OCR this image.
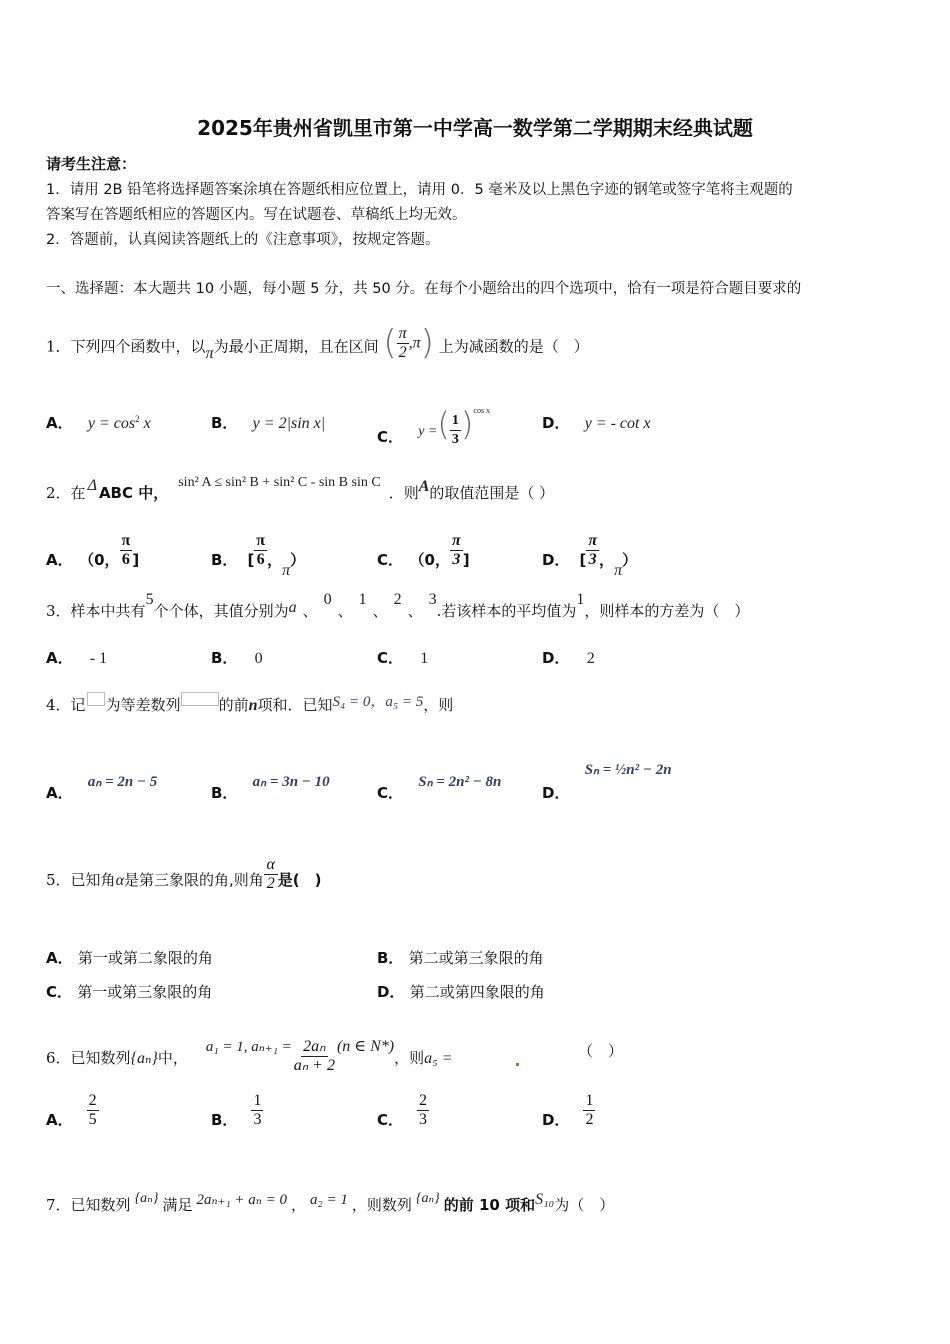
2025年贵州省凯里市第一中学高一数学第二学期期末经典试题
请考生注意：
1．请用 2B 铅笔将选择题答案涂填在答题纸相应位置上，请用 0．5 毫米及以上黑色字迹的钢笔或签字笔将主观题的
答案写在答题纸相应的答题区内。写在试题卷、草稿纸上均无效。
2．答题前，认真阅读答题纸上的《注意事项》，按规定答题。
一、选择题：本大题共 10 小题，每小题 5 分，共 50 分。在每个小题给出的四个选项中，恰有一项是符合题目要求的
1．下列四个函数中，以π为最小正周期，且在区间 ( $\frac{\pi}{2} ,\pi$) 上为减函数的是（　）
A． $y = \cos^2 x$	B． y = 2|sin x|
C． y =( $\frac{1}{3} )^{cos x}$
D． y = - cot x
2．在 Δ ABC 中，sin² A ≤ sin² B + sin² C - sin B sin C．则A的取值范围是（ ）
A． （0， $\frac{\pi}{6}$ ]	B． [ $\frac{\pi}{6}$ ，π）	C． （0， $\frac{\pi}{3}$ ]	D． [ $\frac{\pi}{3}$ ，π）
3．样本中共有5个个体，其值分别为a 、0、1、2、3.若该样本的平均值为1，则样本的方差为（　）
A． - 1	B． 0	C． 1	D． 2
4．记 为等差数列	的前n项和．已知S₄ = 0，a₅ = 5，则
A． aₙ = 2n − 5
B． aₙ = 3n − 10
C． Sₙ = 2n² − 8n
D． Sₙ = ½n² − 2n
5．已知角α是第三象限的角,则角 $\frac{\alpha}{2}$ 是(　)
A． 第一或第二象限的角	B． 第二或第三象限的角
C． 第一或第三象限的角	D． 第二或第四象限的角
6．已知数列{aₙ}中，a₁ = 1, $a_{n+1} = \frac{\text{2aₙ}}{\text{aₙ + 2}} (n$ ∈ N*)，则a₅ =	（　）
A． $\frac{2}{5}$	B． $\frac{1}{3}$	C． $\frac{2}{3}$	D． $\frac{1}{2}$
7．已知数列 {aₙ} 满足 2aₙ₊₁ + aₙ = 0 ， a₂ = 1 ，则数列 {aₙ} 的前 10 项和S₁₀为（　）
